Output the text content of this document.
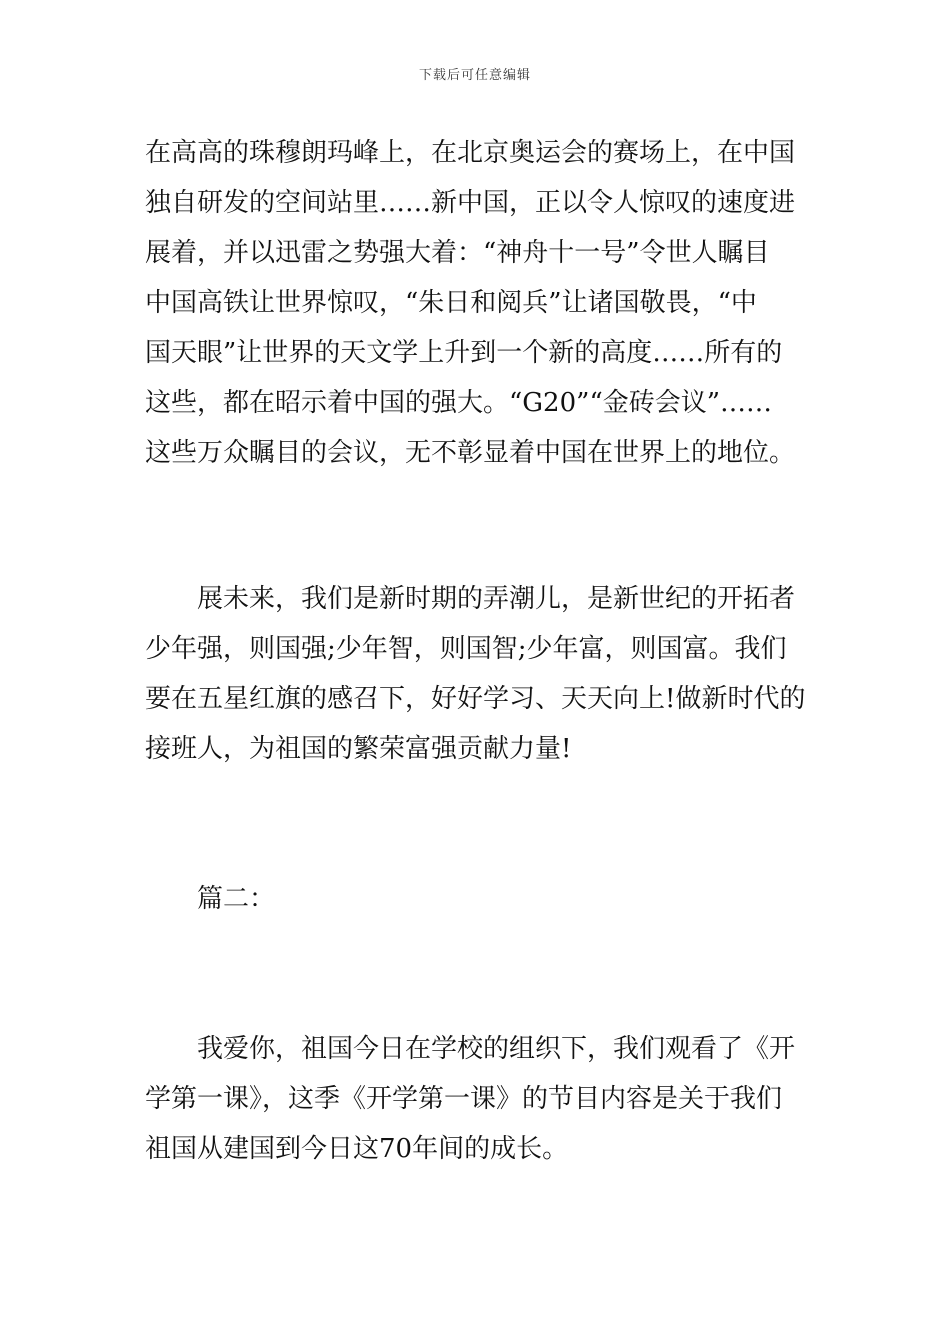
下载后可任意编辑
在高高的珠穆朗玛峰上，在北京奥运会的赛场上，在中国
独自研发的空间站里……新中国，正以令人惊叹的速度进
展着，并以迅雷之势强大着：“神舟十一号”令世人瞩目
中国高铁让世界惊叹，“朱日和阅兵”让诸国敬畏，“中
国天眼”让世界的天文学上升到一个新的高度……所有的
这些，都在昭示着中国的强大。“G20”“金砖会议”……
这些万众瞩目的会议，无不彰显着中国在世界上的地位。
展未来，我们是新时期的弄潮儿，是新世纪的开拓者
少年强，则国强;少年智，则国智;少年富，则国富。我们
要在五星红旗的感召下，好好学习、天天向上!做新时代的
接班人，为祖国的繁荣富强贡献力量!
篇二：
我爱你，祖国今日在学校的组织下，我们观看了《开
学第一课》，这季《开学第一课》的节目内容是关于我们
祖国从建国到今日这70年间的成长。
